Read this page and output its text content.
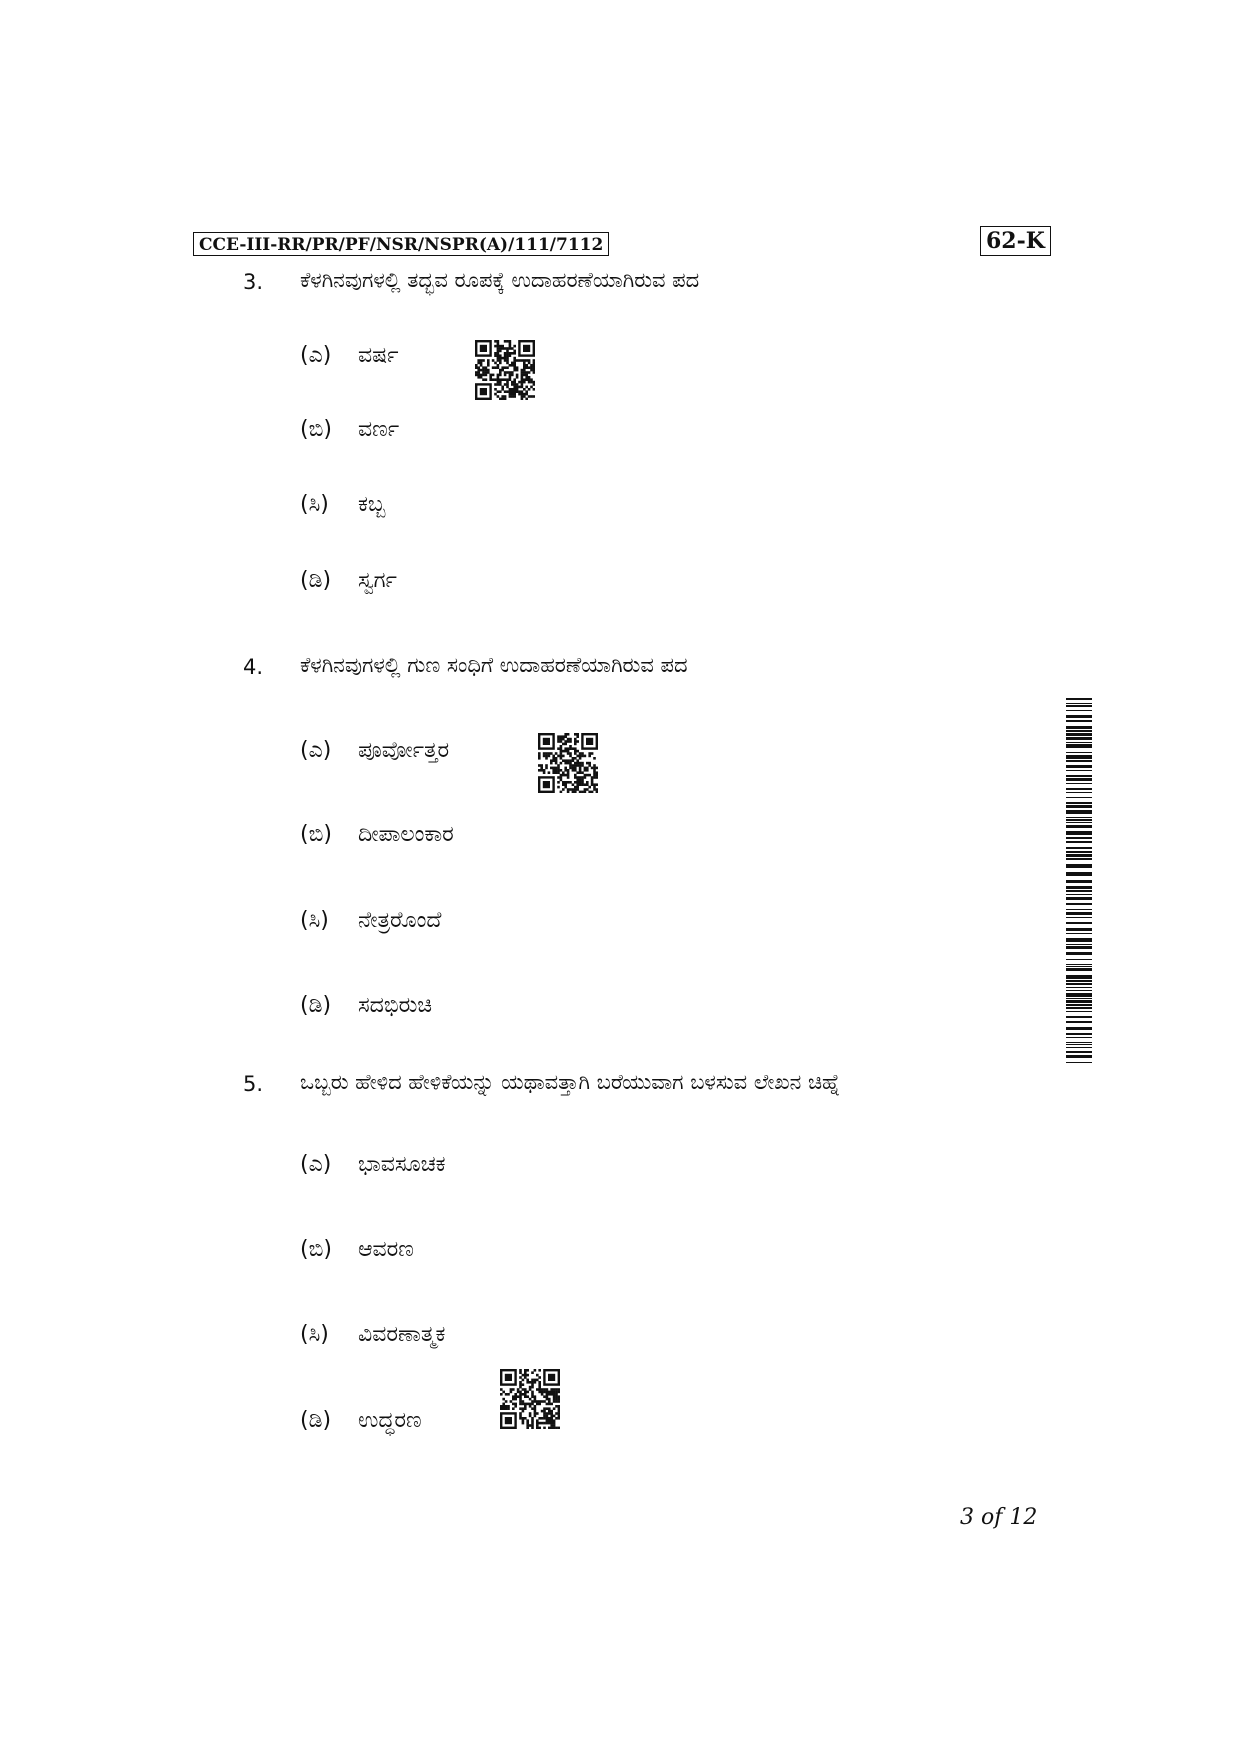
CCE-III-RR/PR/PF/NSR/NSPR(A)/111/7112	62-K
3. ಕೆಳಗಿನವುಗಳಲ್ಲಿ ತದ್ಭವ ರೂಪಕ್ಕೆ ಉದಾಹರಣೆಯಾಗಿರುವ ಪದ
(ಎ) ವರ್ಷ
(ಬಿ) ವರ್ಣ
(ಸಿ) ಕಬ್ಬ
(ಡಿ) ಸ್ವರ್ಗ
4. ಕೆಳಗಿನವುಗಳಲ್ಲಿ ಗುಣ ಸಂಧಿಗೆ ಉದಾಹರಣೆಯಾಗಿರುವ ಪದ
(ಎ) ಪೂರ್ವೋತ್ತರ
(ಬಿ) ದೀಪಾಲಂಕಾರ
(ಸಿ) ನೇತ್ರರೊಂದೆ
(ಡಿ) ಸದಭಿರುಚಿ
5. ಒಬ್ಬರು ಹೇಳಿದ ಹೇಳಿಕೆಯನ್ನು ಯಥಾವತ್ತಾಗಿ ಬರೆಯುವಾಗ ಬಳಸುವ ಲೇಖನ ಚಿಹ್ನೆ
(ಎ) ಭಾವಸೂಚಕ
(ಬಿ) ಆವರಣ
(ಸಿ) ವಿವರಣಾತ್ಮಕ
(ಡಿ) ಉದ್ಧರಣ
3 of 12
